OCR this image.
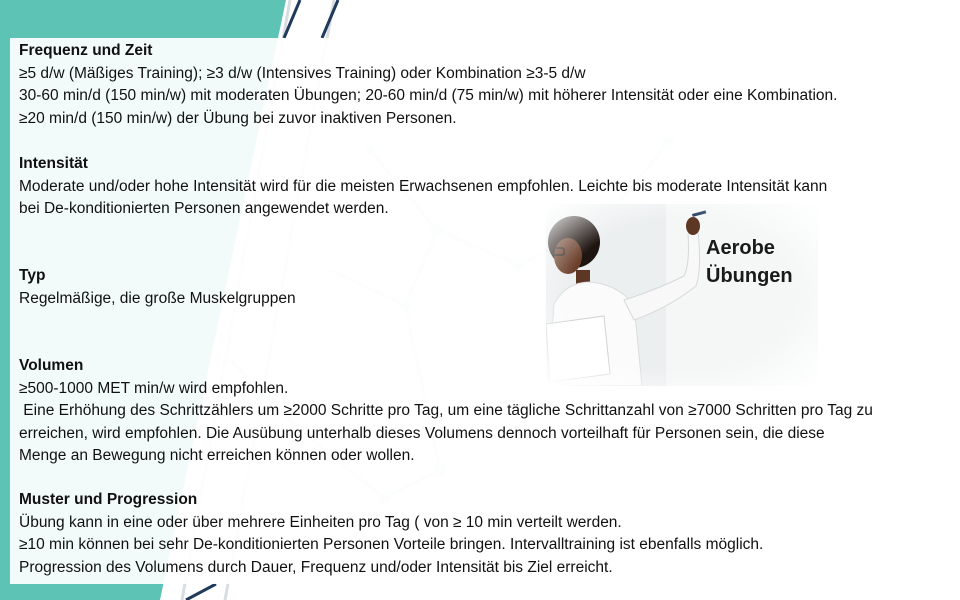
Frequenz und Zeit
≥5 d/w (Mäßiges Training); ≥3 d/w (Intensives Training) oder Kombination ≥3-5 d/w
30-60 min/d (150 min/w) mit moderaten Übungen; 20-60 min/d (75 min/w) mit höherer Intensität oder eine Kombination.
≥20 min/d (150 min/w) der Übung bei zuvor inaktiven Personen.
Intensität
Moderate und/oder hohe Intensität wird für die meisten Erwachsenen empfohlen. Leichte bis moderate Intensität kann
bei De-konditionierten Personen angewendet werden.
Typ
Regelmäßige, die große Muskelgruppen
Volumen
≥500-1000 MET min/w wird empfohlen.
Eine Erhöhung des Schrittzählers um ≥2000 Schritte pro Tag, um eine tägliche Schrittanzahl von ≥7000 Schritten pro Tag zu
erreichen, wird empfohlen. Die Ausübung unterhalb dieses Volumens dennoch vorteilhaft für Personen sein, die diese
Menge an Bewegung nicht erreichen können oder wollen.
Muster und Progression
Übung kann in eine oder über mehrere Einheiten pro Tag ( von ≥ 10 min verteilt werden.
≥10 min können bei sehr De-konditionierten Personen Vorteile bringen. Intervalltraining ist ebenfalls möglich.
Progression des Volumens durch Dauer, Frequenz und/oder Intensität bis Ziel erreicht.
Aerobe
Übungen
